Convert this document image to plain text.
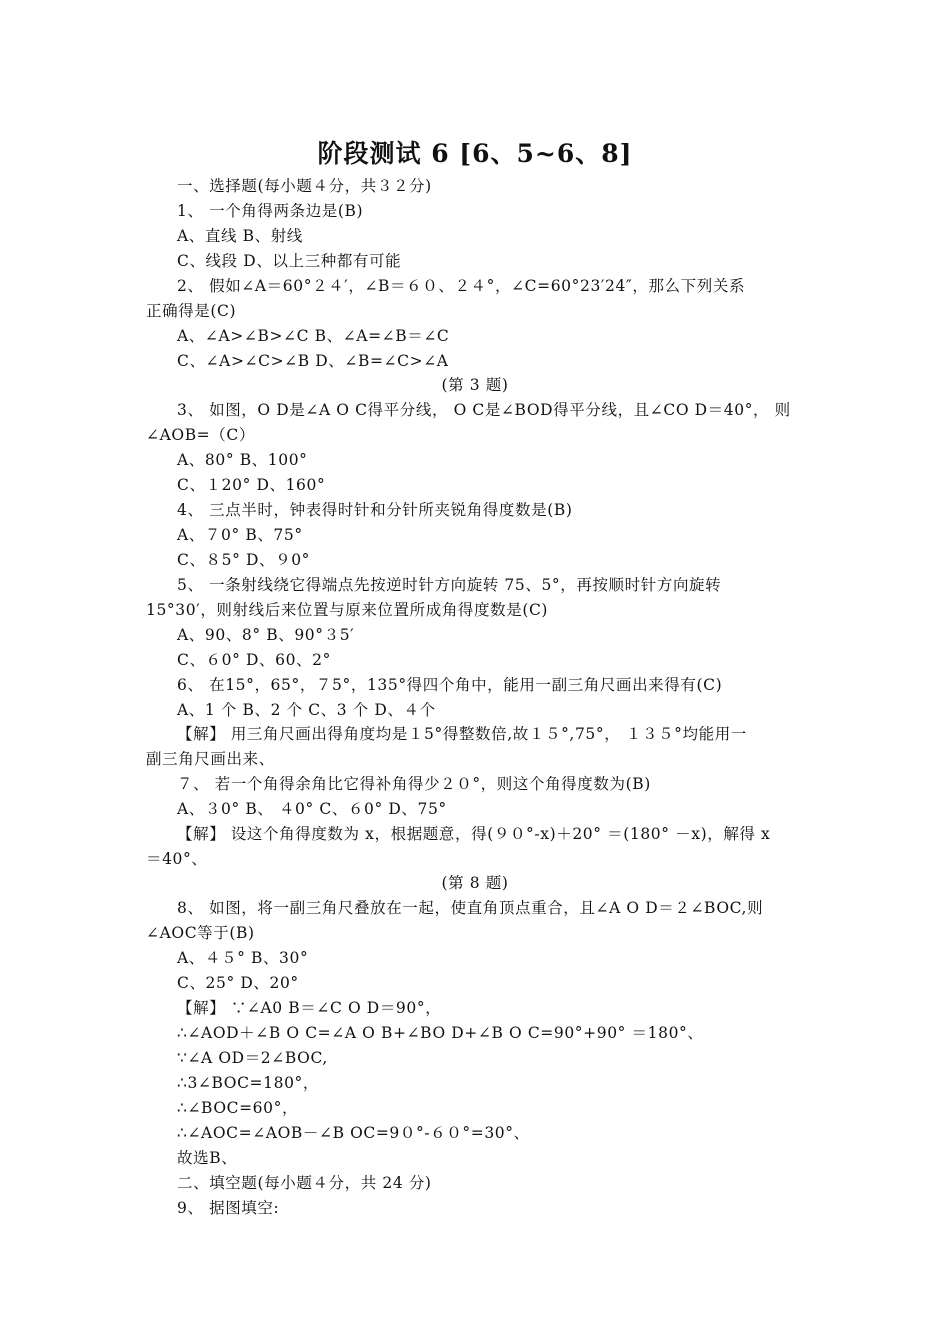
阶段测试 6 [6、5~6、8]
一、选择题(每小题４分，共３２分)
1、 一个角得两条边是(B)
A、直线 B、射线
C、线段 D、以上三种都有可能
2、 假如∠A＝60°２４′，∠B＝６０、２４°，∠C=60°23′24″，那么下列关系
正确得是(C)
A、∠A>∠B>∠C B、∠A=∠B＝∠C
C、∠A>∠C>∠B D、∠B=∠C>∠A
(第 3 题)
3、 如图，O D是∠A O C得平分线， O C是∠BOD得平分线，且∠CO D＝40°， 则
∠AOB=（C）
A、80° B、100°
C、１20° D、160°
4、 三点半时，钟表得时针和分针所夹锐角得度数是(B)
A、７0° B、75°
C、８5° D、９0°
5、 一条射线绕它得端点先按逆时针方向旋转 75、5°，再按顺时针方向旋转
15°30′，则射线后来位置与原来位置所成角得度数是(C)
A、90、8° B、90°３5′
C、６0° D、60、2°
6、 在15°，65°，７5°，135°得四个角中，能用一副三角尺画出来得有(C)
A、1 个 B、2 个 C、3 个 D、４个
【解】 用三角尺画出得角度均是１5°得整数倍,故１５°,75°， １３５°均能用一
副三角尺画出来、
７、 若一个角得余角比它得补角得少２０°，则这个角得度数为(B)
A、３0° B、 ４0° C、６0° D、75°
【解】 设这个角得度数为 x，根据题意，得(９０°-x)＋20° ＝(180° －x)，解得 x
＝40°、
(第 8 题)
8、 如图，将一副三角尺叠放在一起，使直角顶点重合，且∠A O D＝２∠BOC,则
∠AOC等于(B)
A、４５° B、30°
C、25° D、20°
【解】 ∵∠A0 B＝∠C O D＝90°，
∴∠AOD＋∠B O C=∠A O B+∠BO D+∠B O C=90°+90° ＝180°、
∵∠A OD＝2∠BOC,
∴3∠BOC=180°，
∴∠BOC=60°，
∴∠AOC=∠AOB－∠B OC=9０°-６０°=30°、
故选B、
二、填空题(每小题４分，共 24 分)
9、 据图填空:
